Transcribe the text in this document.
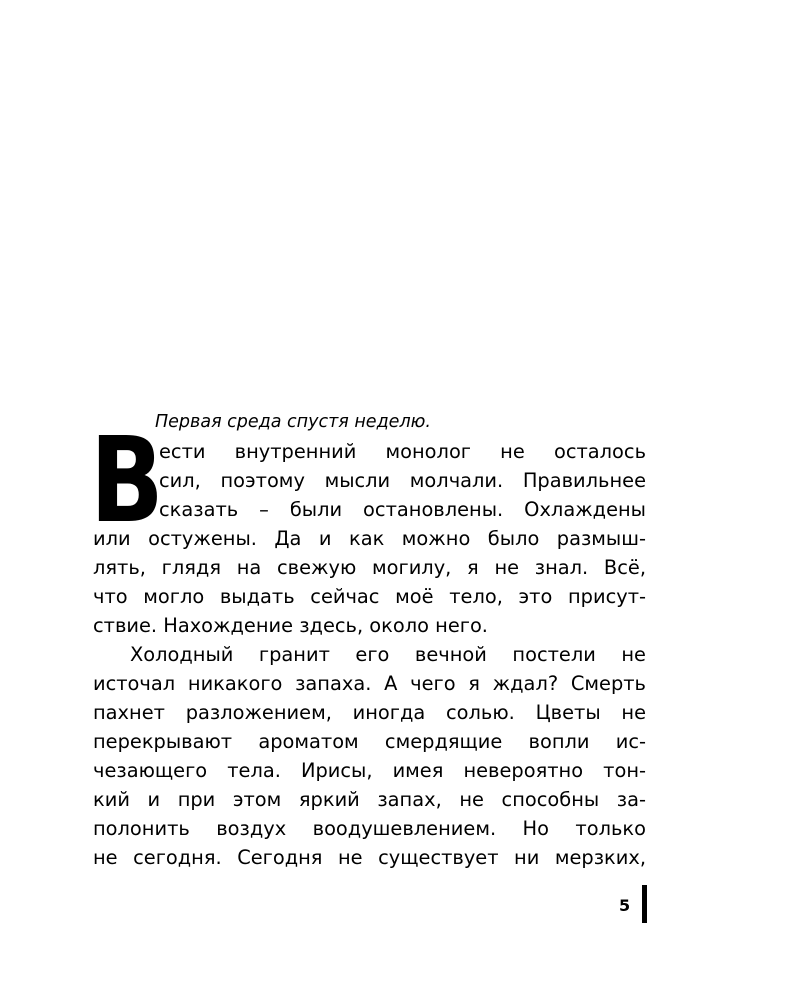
Первая среда спустя неделю.
В
ести внутренний монолог не осталось
сил, поэтому мысли молчали. Правильнее
сказать – были остановлены. Охлаждены
или остужены. Да и как можно было размыш-
лять, глядя на свежую могилу, я не знал. Всё,
что могло выдать сейчас моё тело, это присут-
ствие. Нахождение здесь, около него.
Холодный гранит его вечной постели не
источал никакого запаха. А чего я ждал? Смерть
пахнет разложением, иногда солью. Цветы не
перекрывают ароматом смердящие вопли ис-
чезающего тела. Ирисы, имея невероятно тон-
кий и при этом яркий запах, не способны за-
полонить воздух воодушевлением. Но только
не сегодня. Сегодня не существует ни мерзких,
5
